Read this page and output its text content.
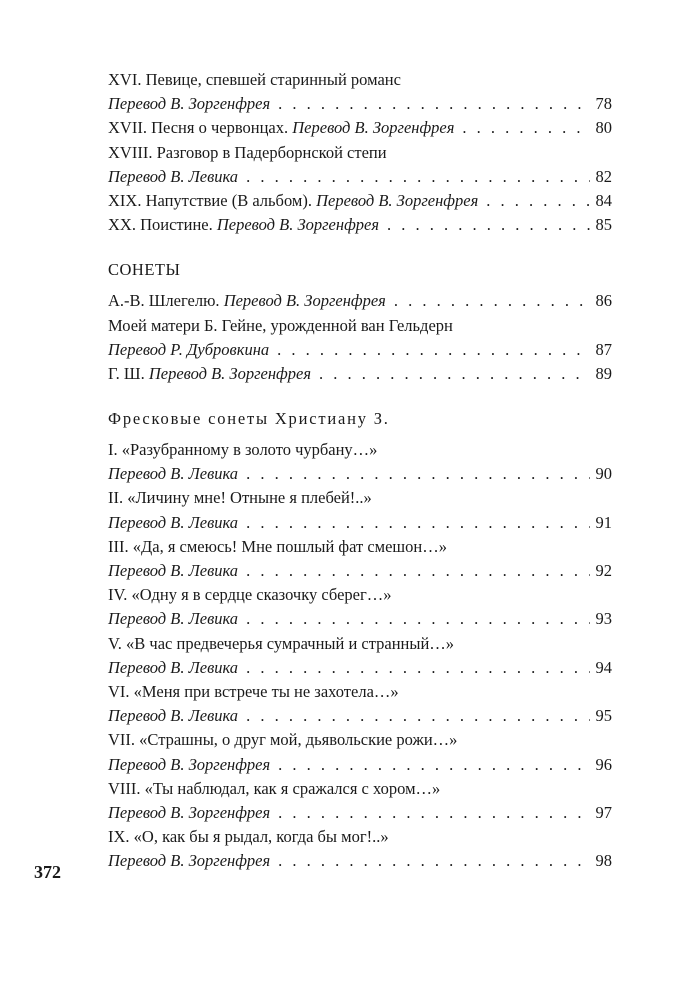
XVI. Певице, спевшей старинный романс
Перевод В. Зоргенфрея . . .	78
XVII. Песня о червонцах.
Перевод В. Зоргенфрея . . .	80
XVIII. Разговор в Падерборнской степи
Перевод В. Левика . . .	82
XIX. Напутствие (В альбом).
Перевод В. Зоргенфрея . . .	84
XX. Поистине.
Перевод В. Зоргенфрея . . .	85
СОНЕТЫ
А.-В. Шлегелю.
Перевод В. Зоргенфрея . . .	86
Моей матери Б. Гейне, урожденной ван Гельдерн
Перевод Р. Дубровкина . . .	87
Г. Ш.
Перевод В. Зоргенфрея . . .	89
Фресковые сонеты Христиану З.
I. «Разубранному в золото чурбану…»
Перевод В. Левика . . .	90
II. «Личину мне! Отныне я плебей!..»
Перевод В. Левика . . .	91
III. «Да, я смеюсь! Мне пошлый фат смешон…»
Перевод В. Левика . . .	92
IV. «Одну я в сердце сказочку сберег…»
Перевод В. Левика . . .	93
V. «В час предвечерья сумрачный и странный…»
Перевод В. Левика . . .	94
VI. «Меня при встрече ты не захотела…»
Перевод В. Левика . . .	95
VII. «Страшны, о друг мой, дьявольские рожи…»
Перевод В. Зоргенфрея . . .	96
VIII. «Ты наблюдал, как я сражался с хором…»
Перевод В. Зоргенфрея . . .	97
IX. «О, как бы я рыдал, когда бы мог!..»
Перевод В. Зоргенфрея . . .	98
372
